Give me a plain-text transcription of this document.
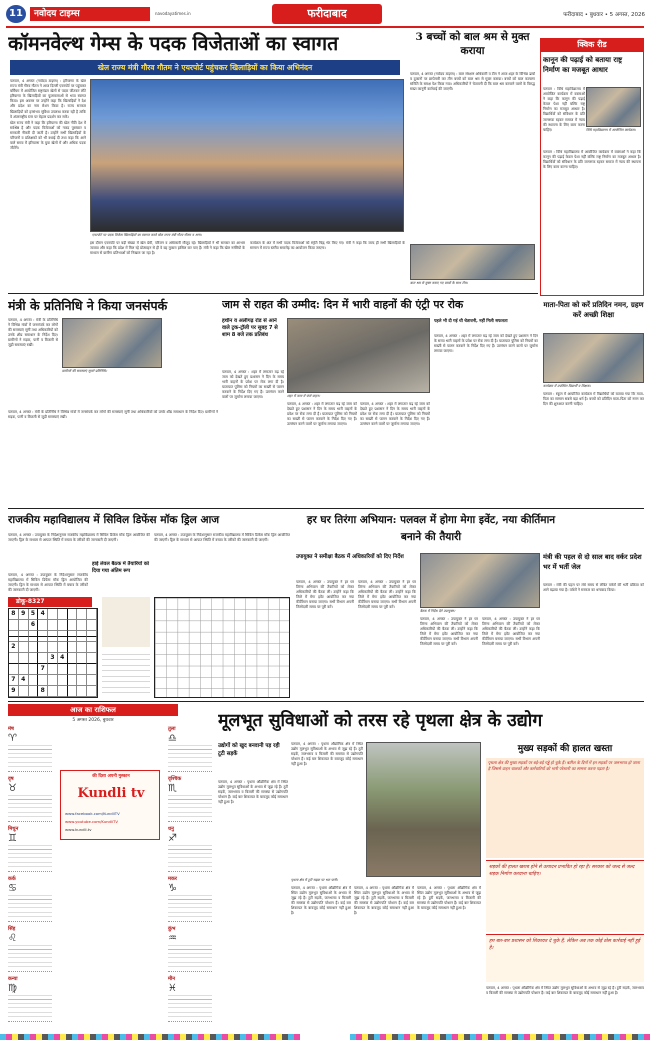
11	नवोदय टाइम्स	navodayatimes.in	फरीदाबाद	फरीदाबाद • बुधवार • 5 अगस्त, 2026
कॉमनवेल्थ गेम्स के पदक विजेताओं का स्वागत
खेल राज्य मंत्री गौरव गौतम ने एयरपोर्ट पहुंचकर खिलाड़ियों का किया अभिनंदन

पलवल, 4 अगस्त (नवोदय टाइम्स) : हरियाणा के खेल राज्य मंत्री गौरव गौतम ने आज दिल्ली एयरपोर्ट पर पहुंचकर बर्मिंघम में आयोजित राष्ट्रमंडल खेलों से पदक जीतकर लौटे हरियाणा के खिलाड़ियों का फूलमालाओं से भव्य स्वागत किया। इस अवसर पर उन्होंने कहा कि खिलाड़ियों ने देश और प्रदेश का नाम रोशन किया है। राज्य सरकार खिलाड़ियों को हरसंभव सुविधा उपलब्ध करवा रही है ताकि वे अंतरराष्ट्रीय स्तर पर बेहतर प्रदर्शन कर सकें।

खेल राज्य मंत्री ने कहा कि हरियाणा की खेल नीति देश में सर्वश्रेष्ठ है और पदक विजेताओं को नकद पुरस्कार व सरकारी नौकरी दी जाती है। उन्होंने सभी खिलाड़ियों के परिजनों व प्रशिक्षकों को भी बधाई दी तथा कहा कि आने वाले समय में हरियाणा के युवा खेलों में और अधिक पदक जीतेंगे।

एयरपोर्ट पर पदक विजेता खिलाड़ियों का स्वागत करते खेल राज्य मंत्री गौरव गौतम व अन्य।

इस दौरान एयरपोर्ट पर बड़ी संख्या में खेल प्रेमी, परिजन व अधिकारी मौजूद रहे। खिलाड़ियों ने भी सरकार का आभार जताया और कहा कि प्रदेश में मिल रहे प्रोत्साहन से ही वे यह मुकाम हासिल कर पाए हैं। मंत्री ने कहा कि खेल नर्सरियों के माध्यम से ग्रामीण प्रतिभाओं को निखारा जा रहा है।

कार्यक्रम के अंत में सभी पदक विजेताओं को स्मृति चिह्न भेंट किए गए। मंत्री ने कहा कि जल्द ही सभी खिलाड़ियों के सम्मान में राज्य स्तरीय समारोह का आयोजन किया जाएगा।

3 बच्चों को बाल श्रम से मुक्त कराया
पलवल, 4 अगस्त (नवोदय टाइम्स) : बाल संरक्षण अधिकारी व टीम ने आज शहर के विभिन्न ढाबों व दुकानों पर छापेमारी कर तीन बच्चों को बाल श्रम से मुक्त कराया। बच्चों को बाल कल्याण समिति के समक्ष पेश किया गया। अधिकारियों ने चेतावनी दी कि बाल श्रम करवाने वालों के विरुद्ध सख्त कानूनी कार्रवाई की जाएगी।
बाल श्रम से मुक्त कराए गए बच्चों के साथ टीम।
क्विक रीड
कानून की पढ़ाई को बताया राष्ट्र निर्माण का मजबूत आधार
पलवल : विधि महाविद्यालय में आयोजित कार्यक्रम में वक्ताओं ने कहा कि कानून की पढ़ाई केवल पेशा नहीं बल्कि राष्ट्र निर्माण का मजबूत आधार है। विद्यार्थियों को संविधान के प्रति जागरूक रहकर समाज में न्याय की स्थापना के लिए काम करना चाहिए।	विधि महाविद्यालय में आयोजित कार्यक्रम।
पलवल : विधि महाविद्यालय में आयोजित कार्यक्रम में वक्ताओं ने कहा कि कानून की पढ़ाई केवल पेशा नहीं बल्कि राष्ट्र निर्माण का मजबूत आधार है। विद्यार्थियों को संविधान के प्रति जागरूक रहकर समाज में न्याय की स्थापना के लिए काम करना चाहिए।
मंत्री के प्रतिनिधि ने किया जनसंपर्क
पलवल, 4 अगस्त : मंत्री के प्रतिनिधि ने विभिन्न गांवों में जनसंपर्क कर लोगों की समस्याएं सुनीं तथा अधिकारियों को उनके शीघ्र समाधान के निर्देश दिए। ग्रामीणों ने सड़क, पानी व बिजली से जुड़ी समस्याएं रखीं।
ग्रामीणों की समस्याएं सुनते प्रतिनिधि।
पलवल, 4 अगस्त : मंत्री के प्रतिनिधि ने विभिन्न गांवों में जनसंपर्क कर लोगों की समस्याएं सुनीं तथा अधिकारियों को उनके शीघ्र समाधान के निर्देश दिए। ग्रामीणों ने सड़क, पानी व बिजली से जुड़ी समस्याएं रखीं।
जाम से राहत की उम्मीद: दिन में भारी वाहनों की एंट्री पर रोक
हथीन व अलीगढ़ रोड से आने वाले ट्रक-ट्रॉली पर सुबह 7 से शाम 8 बजे तक प्रतिबंध
शहर में जाम में फंसे वाहन।
पलवल, 4 अगस्त : शहर में लगातार बढ़ रहे जाम को देखते हुए प्रशासन ने दिन के समय भारी वाहनों के प्रवेश पर रोक लगा दी है। यातायात पुलिस को नियमों का सख्ती से पालन करवाने के निर्देश दिए गए हैं। उल्लंघन करने वालों पर जुर्माना लगाया जाएगा।
पलवल, 4 अगस्त : शहर में लगातार बढ़ रहे जाम को देखते हुए प्रशासन ने दिन के समय भारी वाहनों के प्रवेश पर रोक लगा दी है। यातायात पुलिस को नियमों का सख्ती से पालन करवाने के निर्देश दिए गए हैं। उल्लंघन करने वालों पर जुर्माना लगाया जाएगा।
पलवल, 4 अगस्त : शहर में लगातार बढ़ रहे जाम को देखते हुए प्रशासन ने दिन के समय भारी वाहनों के प्रवेश पर रोक लगा दी है। यातायात पुलिस को नियमों का सख्ती से पालन करवाने के निर्देश दिए गए हैं। उल्लंघन करने वालों पर जुर्माना लगाया जाएगा।
पहले भी दी गई थी चेतावनी, नहीं मिली सफलता
पलवल, 4 अगस्त : शहर में लगातार बढ़ रहे जाम को देखते हुए प्रशासन ने दिन के समय भारी वाहनों के प्रवेश पर रोक लगा दी है। यातायात पुलिस को नियमों का सख्ती से पालन करवाने के निर्देश दिए गए हैं। उल्लंघन करने वालों पर जुर्माना लगाया जाएगा।
माता-पिता को करें प्रतिदिन नमन, ग्रहण करें अच्छी शिक्षा
कार्यक्रम में उपस्थित विद्यार्थी व शिक्षक।
पलवल : स्कूल में आयोजित कार्यक्रम में विद्यार्थियों को बताया गया कि माता-पिता का सम्मान सबसे बड़ा धर्म है। बच्चों को प्रतिदिन माता-पिता को नमन कर दिन की शुरुआत करनी चाहिए।
राजकीय महाविद्यालय में सिविल डिफेंस मॉक ड्रिल आज
पलवल, 4 अगस्त : उपायुक्त के निर्देशानुसार राजकीय महाविद्यालय में सिविल डिफेंस मॉक ड्रिल आयोजित की जाएगी। ड्रिल के माध्यम से आपात स्थिति में बचाव के तरीकों की जानकारी दी जाएगी।
पलवल, 4 अगस्त : उपायुक्त के निर्देशानुसार राजकीय महाविद्यालय में सिविल डिफेंस मॉक ड्रिल आयोजित की जाएगी। ड्रिल के माध्यम से आपात स्थिति में बचाव के तरीकों की जानकारी दी जाएगी।
हाई लेवल बैठक में तैयारियों को दिया गया अंतिम रूप
पलवल, 4 अगस्त : उपायुक्त के निर्देशानुसार राजकीय महाविद्यालय में सिविल डिफेंस मॉक ड्रिल आयोजित की जाएगी। ड्रिल के माध्यम से आपात स्थिति में बचाव के तरीकों की जानकारी दी जाएगी।
डोकू-8327
8 9 5 4
6
2
3 4
7
7 4
9	8
हर घर तिरंगा अभियान: पलवल में होगा मेगा इवेंट, नया कीर्तिमान बनाने की तैयारी
बैठक में निर्देश देते उपायुक्त।
उपायुक्त ने समीक्षा बैठक में अधिकारियों को दिए निर्देश
पलवल, 4 अगस्त : उपायुक्त ने हर घर तिरंगा अभियान की तैयारियों को लेकर अधिकारियों की बैठक ली। उन्होंने कहा कि जिले में मेगा इवेंट आयोजित कर नया कीर्तिमान बनाया जाएगा। सभी विभाग अपनी जिम्मेदारी समय पर पूरी करें।
पलवल, 4 अगस्त : उपायुक्त ने हर घर तिरंगा अभियान की तैयारियों को लेकर अधिकारियों की बैठक ली। उन्होंने कहा कि जिले में मेगा इवेंट आयोजित कर नया कीर्तिमान बनाया जाएगा। सभी विभाग अपनी जिम्मेदारी समय पर पूरी करें।
पलवल, 4 अगस्त : उपायुक्त ने हर घर तिरंगा अभियान की तैयारियों को लेकर अधिकारियों की बैठक ली। उन्होंने कहा कि जिले में मेगा इवेंट आयोजित कर नया कीर्तिमान बनाया जाएगा। सभी विभाग अपनी जिम्मेदारी समय पर पूरी करें।
पलवल, 4 अगस्त : उपायुक्त ने हर घर तिरंगा अभियान की तैयारियों को लेकर अधिकारियों की बैठक ली। उन्होंने कहा कि जिले में मेगा इवेंट आयोजित कर नया कीर्तिमान बनाया जाएगा। सभी विभाग अपनी जिम्मेदारी समय पर पूरी करें।
मंत्री की पहल से दो साल बाद वर्कर प्रदेश भर में भर्ती जेल
पलवल : मंत्री की पहल पर लंबे समय से लंबित वर्करों की भर्ती प्रक्रिया को आगे बढ़ाया गया है। वर्करों ने सरकार का धन्यवाद किया।
आज का राशिफल
5 अगस्त 2026, बुधवार
मेष
♈
वृष
♉
मिथुन
♊
कर्क
♋
सिंह
♌
कन्या
♍
तुला
♎
वृश्चिक
♏
धनु
♐
मकर
♑
कुंभ
♒
मीन
♓
की दिशा अपनी मुस्कान
Kundli tv
www.facebook.com/KundliTV
www.youtube.com/KundliTV
www.kundli.tv
मूलभूत सुविधाओं को तरस रहे पृथला क्षेत्र के उद्योग
उद्योगों को खुद बनवानी पड़ रही टूटी सड़कें
पलवल, 4 अगस्त : पृथला औद्योगिक क्षेत्र में स्थित उद्योग मूलभूत सुविधाओं के अभाव से जूझ रहे हैं। टूटी सड़कें, जलभराव व बिजली की समस्या से उद्योगपति परेशान हैं। कई बार शिकायत के बावजूद कोई समाधान नहीं हुआ है।
पलवल, 4 अगस्त : पृथला औद्योगिक क्षेत्र में स्थित उद्योग मूलभूत सुविधाओं के अभाव से जूझ रहे हैं। टूटी सड़कें, जलभराव व बिजली की समस्या से उद्योगपति परेशान हैं। कई बार शिकायत के बावजूद कोई समाधान नहीं हुआ है।
पृथला क्षेत्र में टूटी सड़क पर भरा पानी।
पलवल, 4 अगस्त : पृथला औद्योगिक क्षेत्र में स्थित उद्योग मूलभूत सुविधाओं के अभाव से जूझ रहे हैं। टूटी सड़कें, जलभराव व बिजली की समस्या से उद्योगपति परेशान हैं। कई बार शिकायत के बावजूद कोई समाधान नहीं हुआ है।
पलवल, 4 अगस्त : पृथला औद्योगिक क्षेत्र में स्थित उद्योग मूलभूत सुविधाओं के अभाव से जूझ रहे हैं। टूटी सड़कें, जलभराव व बिजली की समस्या से उद्योगपति परेशान हैं। कई बार शिकायत के बावजूद कोई समाधान नहीं हुआ है।
पलवल, 4 अगस्त : पृथला औद्योगिक क्षेत्र में स्थित उद्योग मूलभूत सुविधाओं के अभाव से जूझ रहे हैं। टूटी सड़कें, जलभराव व बिजली की समस्या से उद्योगपति परेशान हैं। कई बार शिकायत के बावजूद कोई समाधान नहीं हुआ है।
मुख्य सड़कों की हालत खस्ता
पृथला क्षेत्र की मुख्य सड़कों पर बड़े-बड़े गड्ढे हो चुके हैं। बारिश के दिनों में इन सड़कों पर जलभराव हो जाता है जिससे वाहन चालकों और कर्मचारियों को भारी परेशानी का सामना करना पड़ता है।
सड़कों की हालत खराब होने से उत्पादन प्रभावित हो रहा है। सरकार को जल्द से जल्द सड़क निर्माण करवाना चाहिए।
हम बार-बार प्रशासन को शिकायत दे चुके हैं, लेकिन अब तक कोई ठोस कार्रवाई नहीं हुई है।
पलवल, 4 अगस्त : पृथला औद्योगिक क्षेत्र में स्थित उद्योग मूलभूत सुविधाओं के अभाव से जूझ रहे हैं। टूटी सड़कें, जलभराव व बिजली की समस्या से उद्योगपति परेशान हैं। कई बार शिकायत के बावजूद कोई समाधान नहीं हुआ है।
